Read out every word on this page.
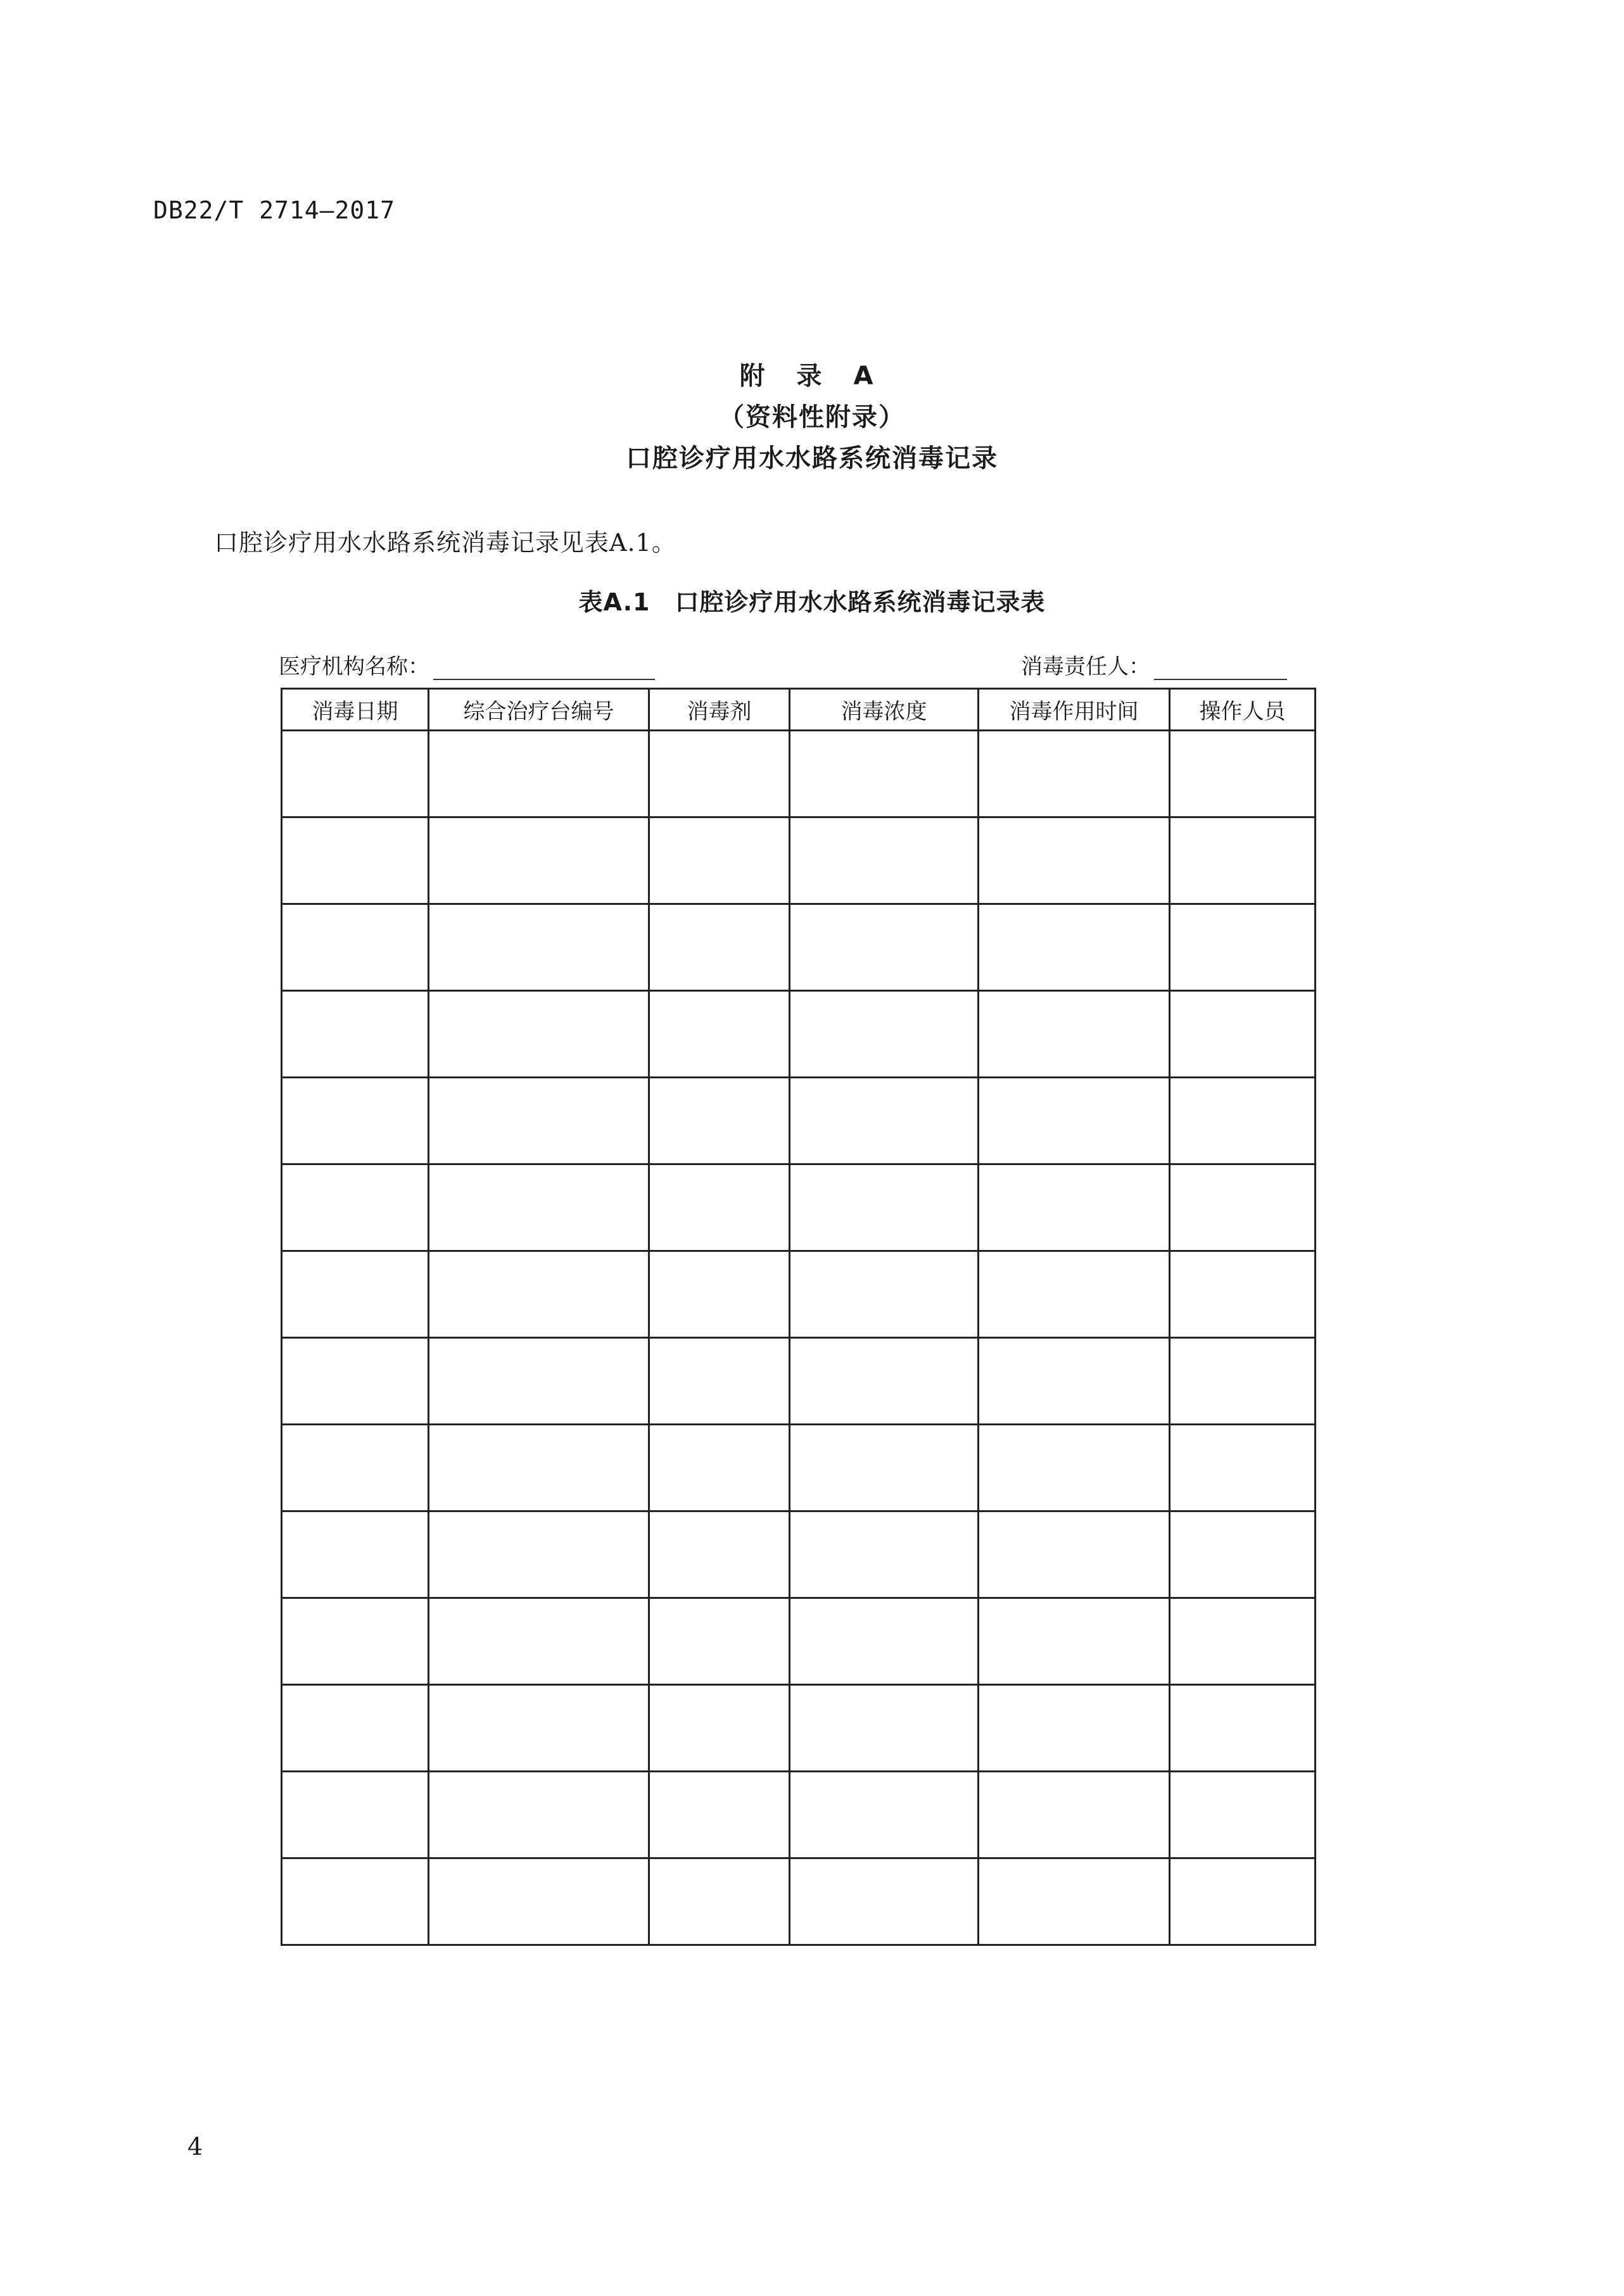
DB22/T 2714—2017
附 录 A
（资料性附录）
口腔诊疗用水水路系统消毒记录
口腔诊疗用水水路系统消毒记录见表A.1。
表A.1　口腔诊疗用水水路系统消毒记录表
医疗机构名称：	消毒责任人：
消毒日期	综合治疗台编号	消毒剂	消毒浓度	消毒作用时间	操作人员

4
